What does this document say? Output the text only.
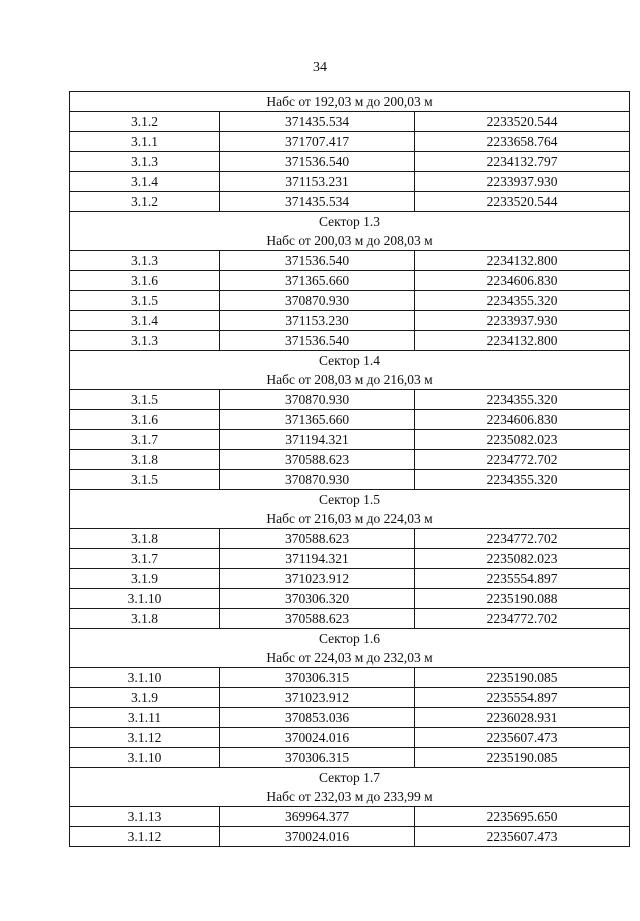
34
Набс от 192,03 м до 200,03 м		
3.1.2	371435.534	2233520.544
3.1.1	371707.417	2233658.764
3.1.3	371536.540	2234132.797
3.1.4	371153.231	2233937.930
3.1.2	371435.534	2233520.544
Сектор 1.3		
Набс от 200,03 м до 208,03 м		
3.1.3	371536.540	2234132.800
3.1.6	371365.660	2234606.830
3.1.5	370870.930	2234355.320
3.1.4	371153.230	2233937.930
3.1.3	371536.540	2234132.800
Сектор 1.4		
Набс от 208,03 м до 216,03 м		
3.1.5	370870.930	2234355.320
3.1.6	371365.660	2234606.830
3.1.7	371194.321	2235082.023
3.1.8	370588.623	2234772.702
3.1.5	370870.930	2234355.320
Сектор 1.5		
Набс от 216,03 м до 224,03 м		
3.1.8	370588.623	2234772.702
3.1.7	371194.321	2235082.023
3.1.9	371023.912	2235554.897
3.1.10	370306.320	2235190.088
3.1.8	370588.623	2234772.702
Сектор 1.6		
Набс от 224,03 м до 232,03 м		
3.1.10	370306.315	2235190.085
3.1.9	371023.912	2235554.897
3.1.11	370853.036	2236028.931
3.1.12	370024.016	2235607.473
3.1.10	370306.315	2235190.085
Сектор 1.7		
Набс от 232,03 м до 233,99 м		
3.1.13	369964.377	2235695.650
3.1.12	370024.016	2235607.473
